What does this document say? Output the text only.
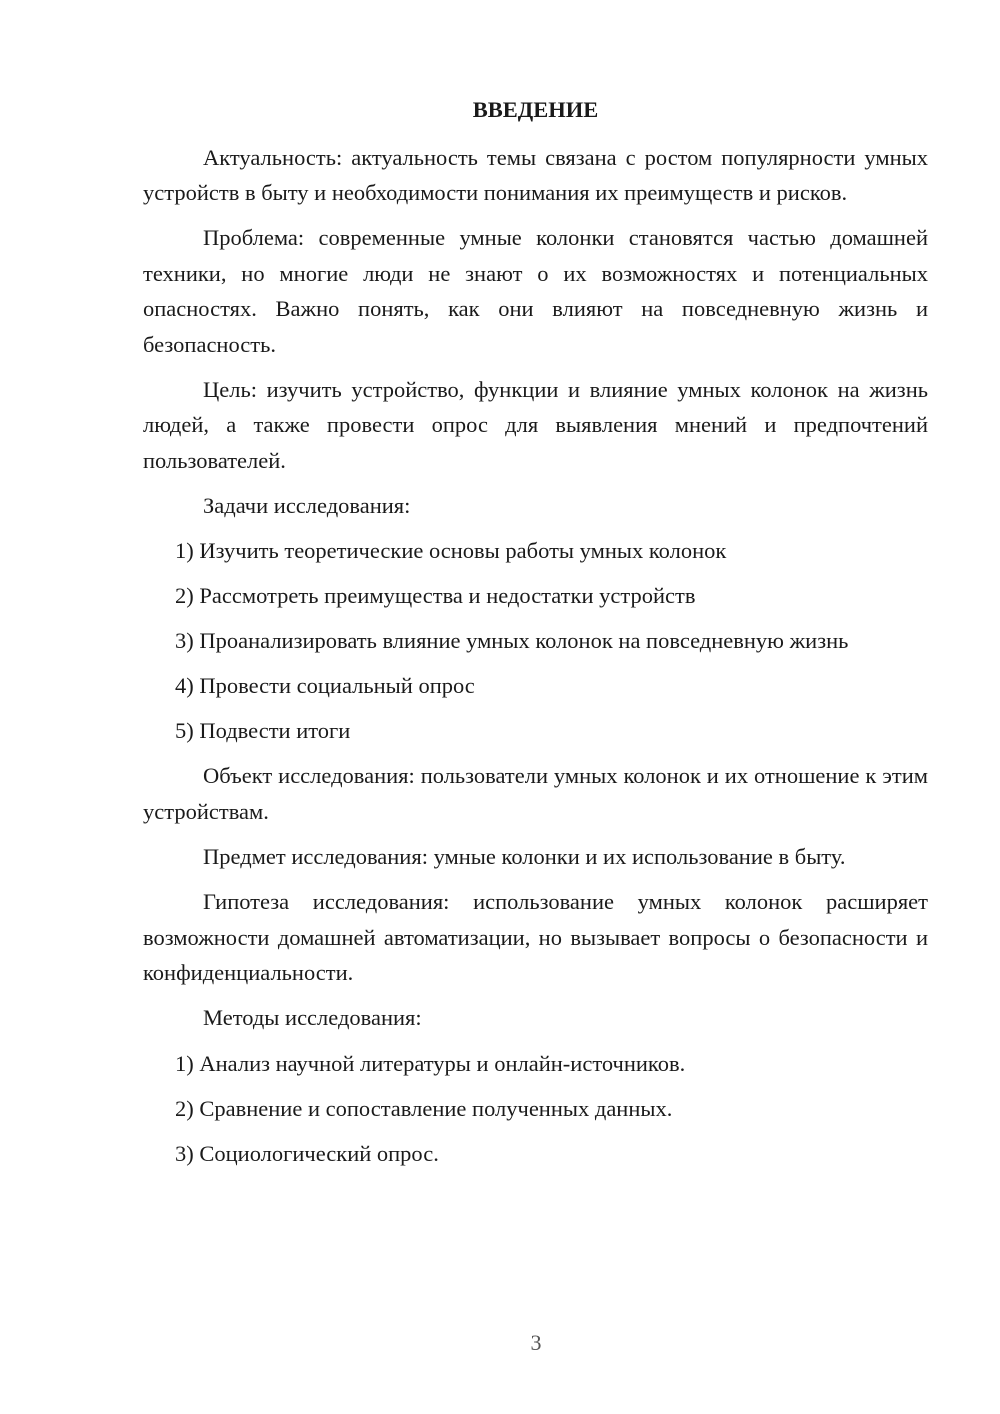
ВВЕДЕНИЕ

Актуальность: актуальность темы связана с ростом популярности умных устройств в быту и необходимости понимания их преимуществ и рисков.

Проблема: современные умные колонки становятся частью домашней техники, но многие люди не знают о их возможностях и потенциальных опасностях. Важно понять, как они влияют на повседневную жизнь и безопасность.

Цель: изучить устройство, функции и влияние умных колонок на жизнь людей, а также провести опрос для выявления мнений и предпочтений пользователей.

Задачи исследования:

1) Изучить теоретические основы работы умных колонок
2) Рассмотреть преимущества и недостатки устройств
3) Проанализировать влияние умных колонок на повседневную жизнь
4) Провести социальный опрос
5) Подвести итоги

Объект исследования: пользователи умных колонок и их отношение к этим устройствам.

Предмет исследования: умные колонки и их использование в быту.

Гипотеза исследования: использование умных колонок расширяет возможности домашней автоматизации, но вызывает вопросы о безопасности и конфиденциальности.

Методы исследования:

1) Анализ научной литературы и онлайн-источников.
2) Сравнение и сопоставление полученных данных.
3) Социологический опрос.
3
